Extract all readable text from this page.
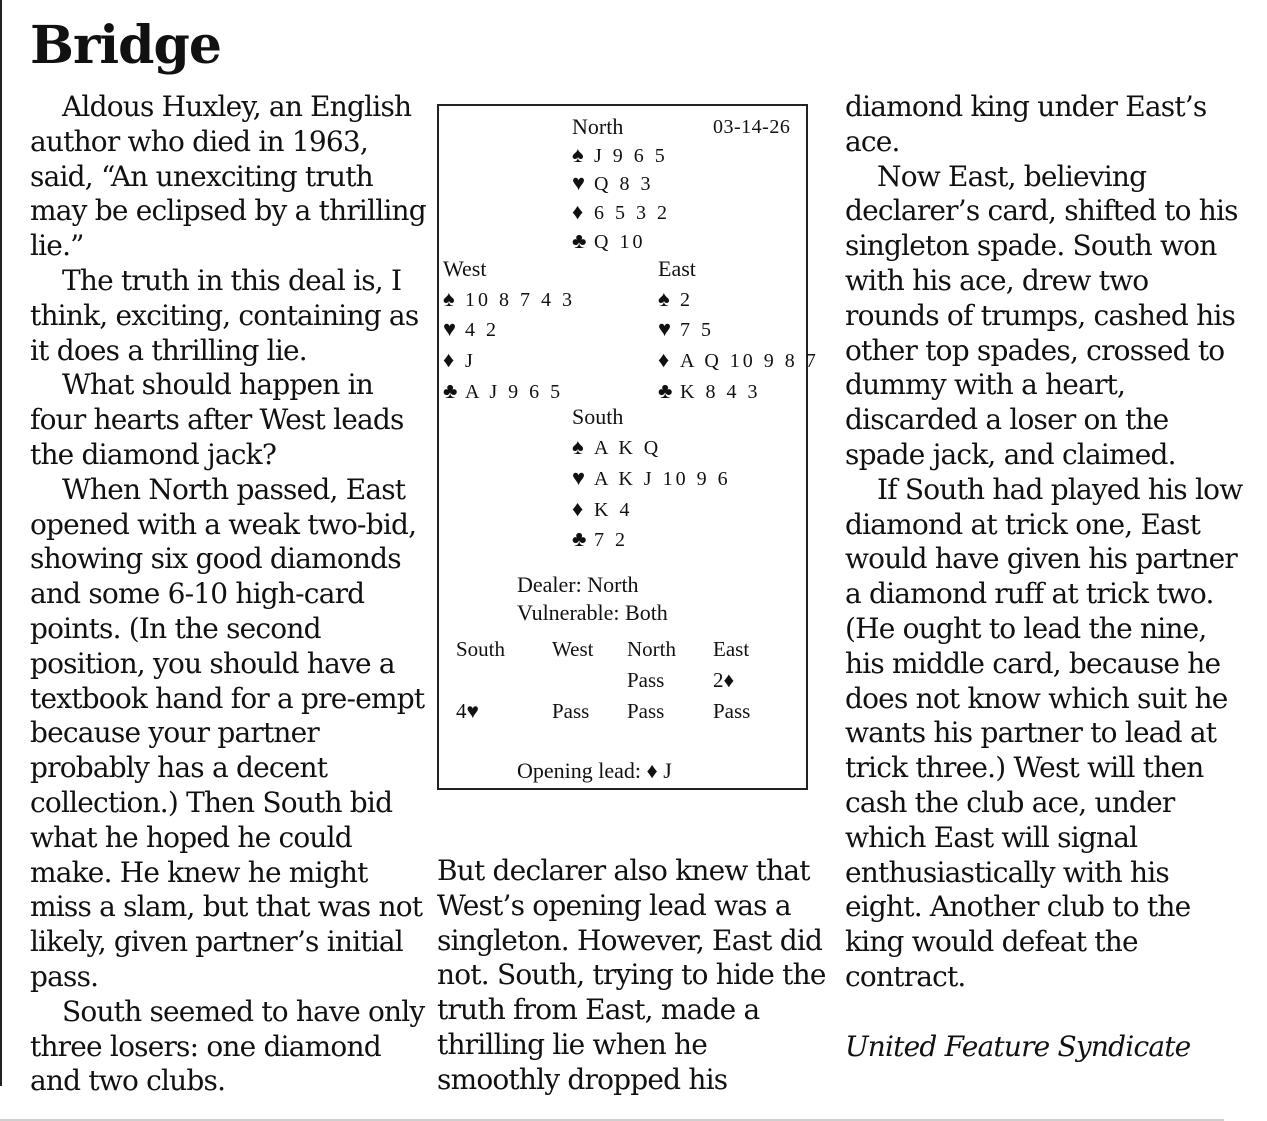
Bridge

Aldous Huxley, an English author who died in 1963, said, “An unexciting truth may be eclipsed by a thrilling lie.”

The truth in this deal is, I think, exciting, containing as it does a thrilling lie.

What should happen in four hearts after West leads the diamond jack?

When North passed, East opened with a weak two-bid, showing six good diamonds and some 6-10 high-card points. (In the second position, you should have a textbook hand for a pre-empt because your partner probably has a decent collection.) Then South bid what he hoped he could make. He knew he might miss a slam, but that was not likely, given partner’s initial pass.

South seemed to have only three losers: one diamond and two clubs.

North	03-14-26
♠ J 9 6 5
♥ Q 8 3
♦ 6 5 3 2
♣ Q 10
West
♠ 10 8 7 4 3
♥ 4 2
♦ J
♣ A J 9 6 5
East
♠ 2
♥ 7 5
♦ A Q 10 9 8 7
♣ K 8 4 3
South
♠ A K Q
♥ A K J 10 9 6
♦ K 4
♣ 7 2
Dealer: North
Vulnerable: Both
South West North East
Pass 2♦
4♥	Pass Pass Pass
Opening lead: ♦ J

But declarer also knew that West’s opening lead was a singleton. However, East did not. South, trying to hide the truth from East, made a thrilling lie when he smoothly dropped his

diamond king under East’s ace.

Now East, believing declarer’s card, shifted to his singleton spade. South won with his ace, drew two rounds of trumps, cashed his other top spades, crossed to dummy with a heart, discarded a loser on the spade jack, and claimed.

If South had played his low diamond at trick one, East would have given his partner a diamond ruff at trick two. (He ought to lead the nine, his middle card, because he does not know which suit he wants his partner to lead at trick three.) West will then cash the club ace, under which East will signal enthusiastically with his eight. Another club to the king would defeat the contract.

United Feature Syndicate
